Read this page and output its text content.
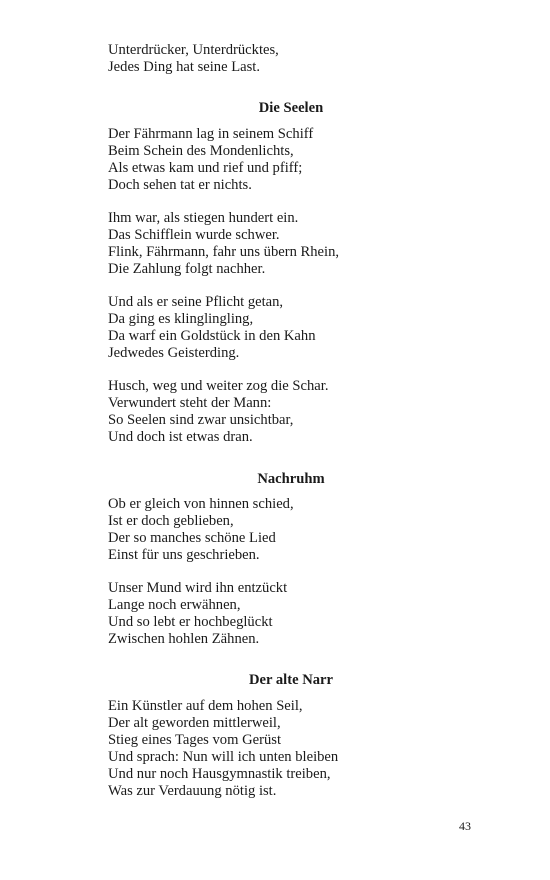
Unterdrücker, Unterdrücktes,
Jedes Ding hat seine Last.
Die Seelen
Der Fährmann lag in seinem Schiff
Beim Schein des Mondenlichts,
Als etwas kam und rief und pfiff;
Doch sehen tat er nichts.
Ihm war, als stiegen hundert ein.
Das Schifflein wurde schwer.
Flink, Fährmann, fahr uns übern Rhein,
Die Zahlung folgt nachher.
Und als er seine Pflicht getan,
Da ging es klinglingling,
Da warf ein Goldstück in den Kahn
Jedwedes Geisterding.
Husch, weg und weiter zog die Schar.
Verwundert steht der Mann:
So Seelen sind zwar unsichtbar,
Und doch ist etwas dran.
Nachruhm
Ob er gleich von hinnen schied,
Ist er doch geblieben,
Der so manches schöne Lied
Einst für uns geschrieben.
Unser Mund wird ihn entzückt
Lange noch erwähnen,
Und so lebt er hochbeglückt
Zwischen hohlen Zähnen.
Der alte Narr
Ein Künstler auf dem hohen Seil,
Der alt geworden mittlerweil,
Stieg eines Tages vom Gerüst
Und sprach: Nun will ich unten bleiben
Und nur noch Hausgymnastik treiben,
Was zur Verdauung nötig ist.
43
